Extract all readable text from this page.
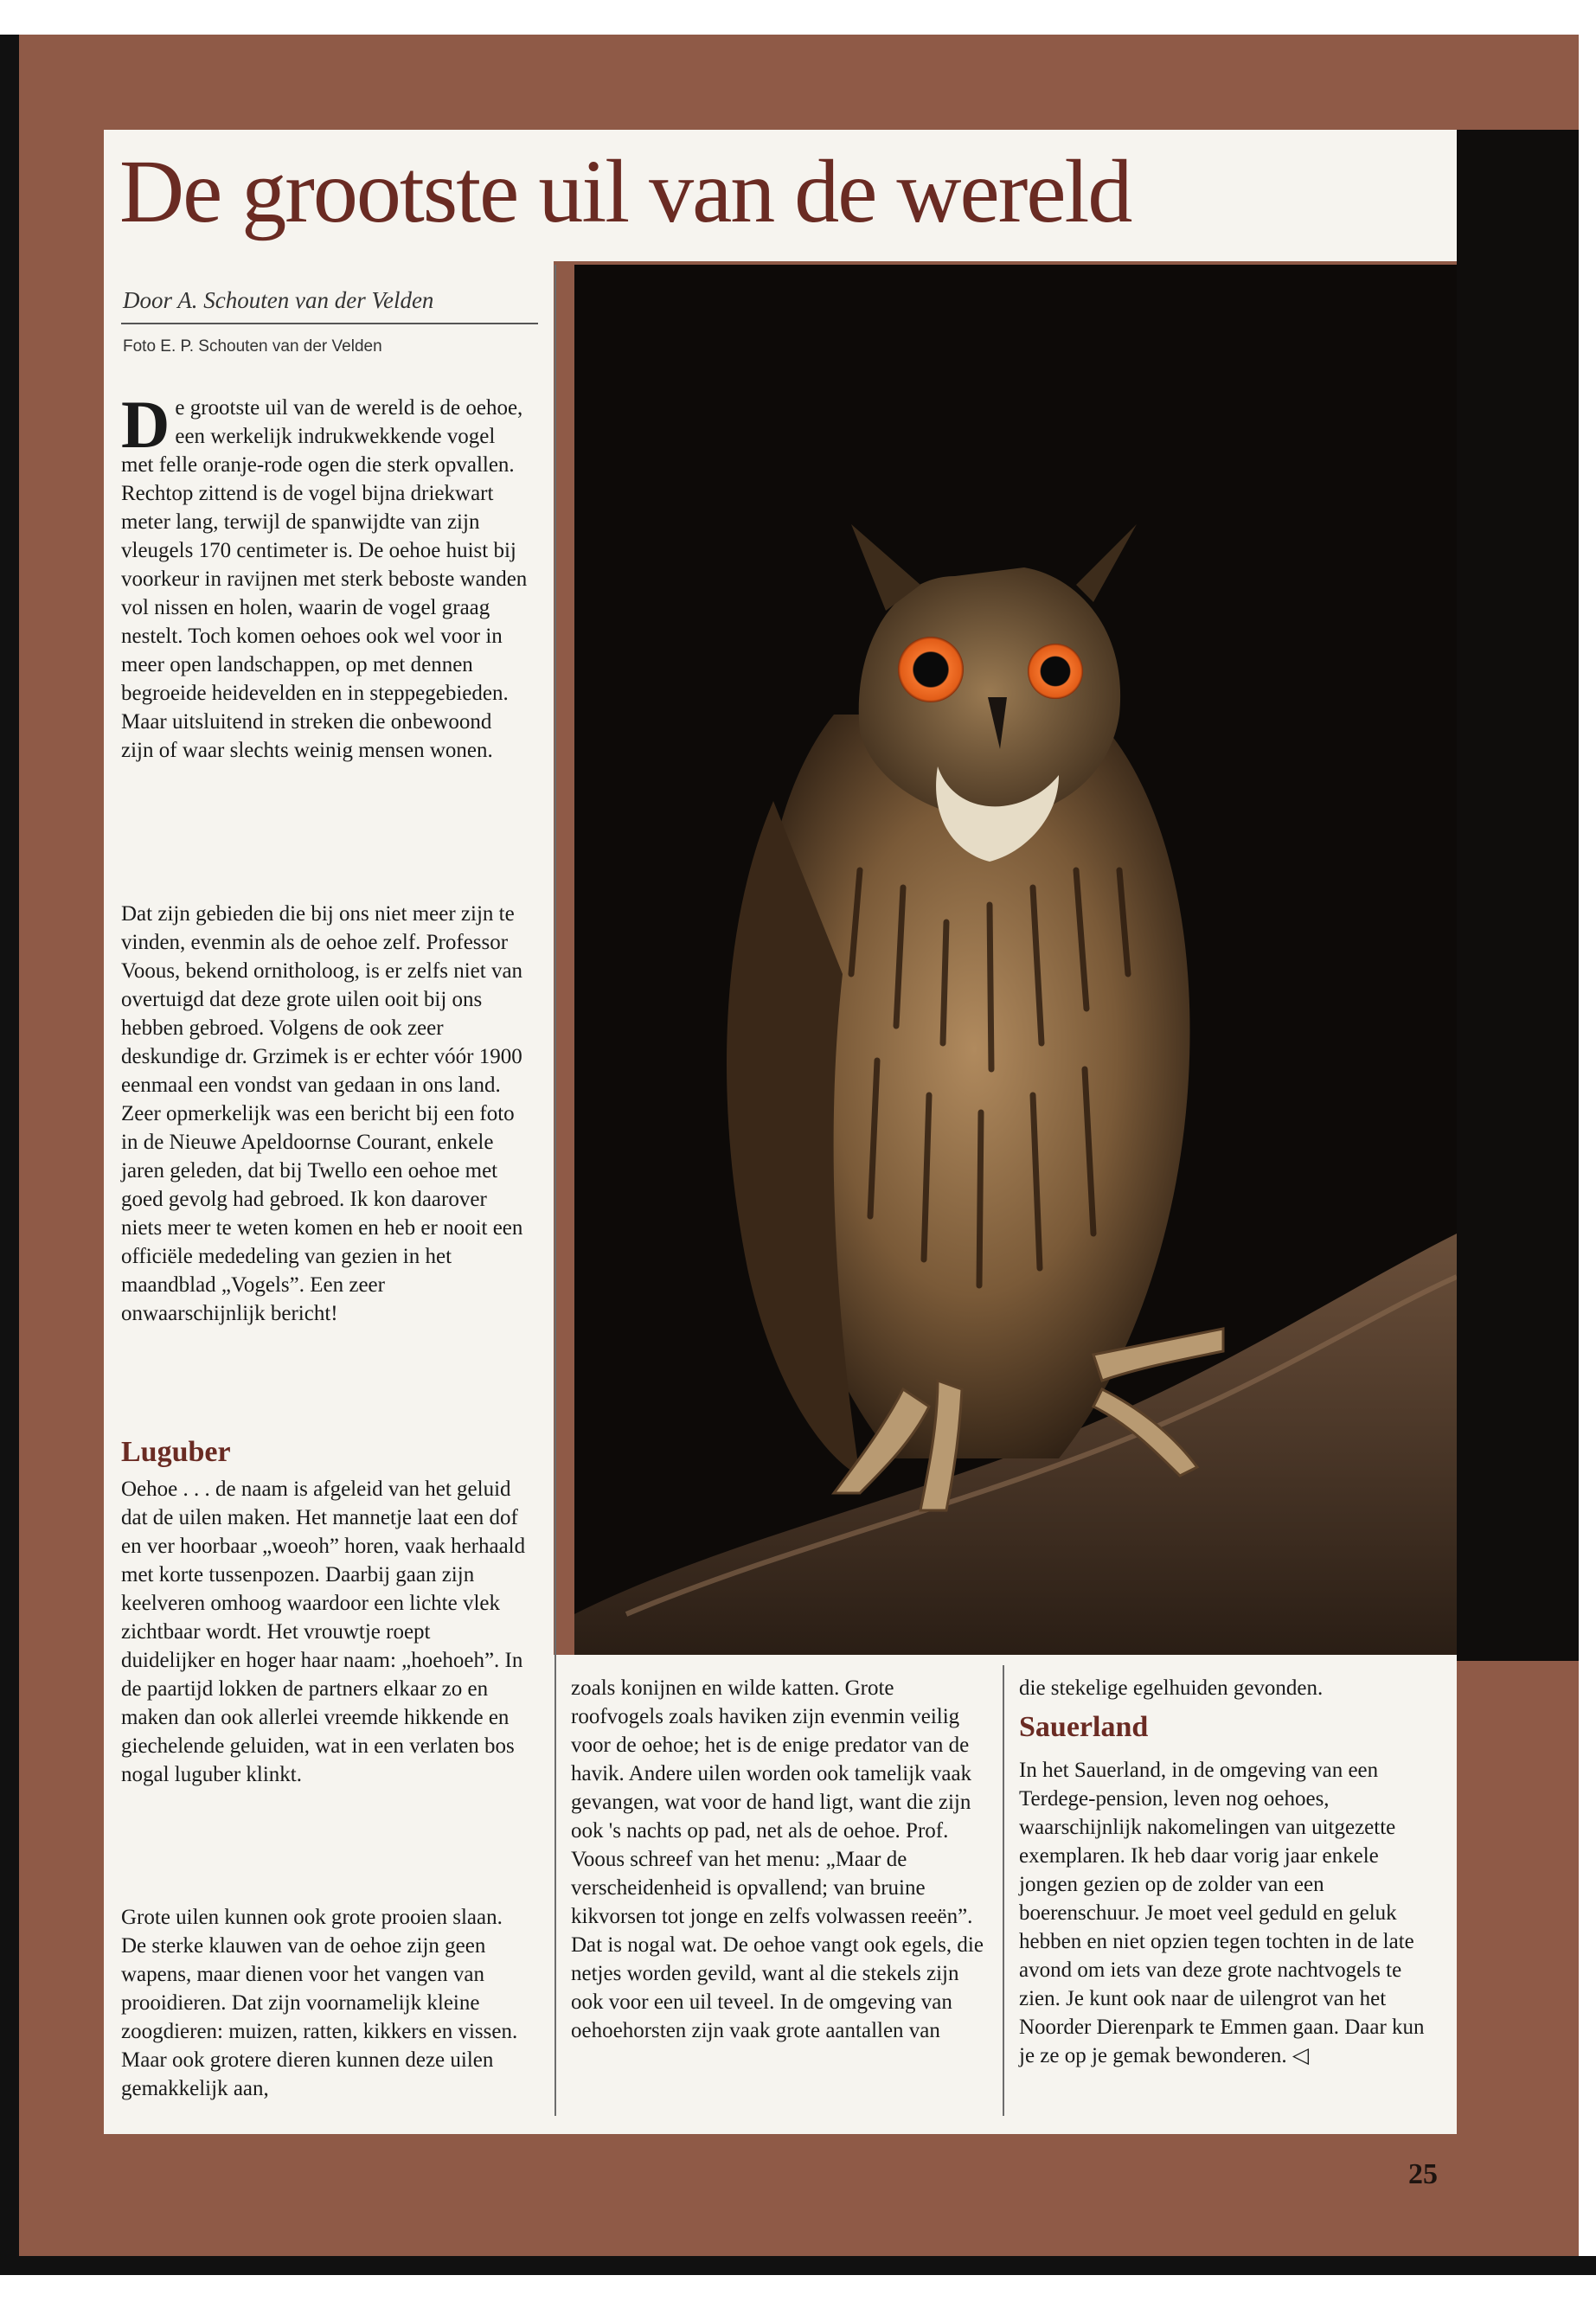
De grootste uil van de wereld
Door A. Schouten van der Velden
Foto E. P. Schouten van der Velden

De grootste uil van de wereld is de oehoe, een werkelijk indrukwekkende vogel met felle oranje-rode ogen die sterk opvallen. Rechtop zittend is de vogel bijna driekwart meter lang, terwijl de spanwijdte van zijn vleugels 170 centimeter is. De oehoe huist bij voorkeur in ravijnen met sterk beboste wanden vol nissen en holen, waarin de vogel graag nestelt. Toch komen oehoes ook wel voor in meer open landschappen, op met dennen begroeide heidevelden en in steppegebieden. Maar uitsluitend in streken die onbewoond zijn of waar slechts weinig mensen wonen.

Dat zijn gebieden die bij ons niet meer zijn te vinden, evenmin als de oehoe zelf. Professor Voous, bekend ornitholoog, is er zelfs niet van overtuigd dat deze grote uilen ooit bij ons hebben gebroed. Volgens de ook zeer deskundige dr. Grzimek is er echter vóór 1900 eenmaal een vondst van gedaan in ons land. Zeer opmerkelijk was een bericht bij een foto in de Nieuwe Apeldoornse Courant, enkele jaren geleden, dat bij Twello een oehoe met goed gevolg had gebroed. Ik kon daarover niets meer te weten komen en heb er nooit een officiële mededeling van gezien in het maandblad „Vogels”. Een zeer onwaarschijnlijk bericht!

Luguber

Oehoe . . . de naam is afgeleid van het geluid dat de uilen maken. Het mannetje laat een dof en ver hoorbaar „woeoh” horen, vaak herhaald met korte tussenpozen. Daarbij gaan zijn keelveren omhoog waardoor een lichte vlek zichtbaar wordt. Het vrouwtje roept duidelijker en hoger haar naam: „hoehoeh”. In de paartijd lokken de partners elkaar zo en maken dan ook allerlei vreemde hikkende en giechelende geluiden, wat in een verlaten bos nogal luguber klinkt.

Grote uilen kunnen ook grote prooien slaan. De sterke klauwen van de oehoe zijn geen wapens, maar dienen voor het vangen van prooidieren. Dat zijn voornamelijk kleine zoogdieren: muizen, ratten, kikkers en vissen. Maar ook grotere dieren kunnen deze uilen gemakkelijk aan,

zoals konijnen en wilde katten. Grote roofvogels zoals haviken zijn evenmin veilig voor de oehoe; het is de enige predator van de havik. Andere uilen worden ook tamelijk vaak gevangen, wat voor de hand ligt, want die zijn ook 's nachts op pad, net als de oehoe. Prof. Voous schreef van het menu: „Maar de verscheidenheid is opvallend; van bruine kikvorsen tot jonge en zelfs volwassen reeën”. Dat is nogal wat. De oehoe vangt ook egels, die netjes worden gevild, want al die stekels zijn ook voor een uil teveel. In de omgeving van oehoehorsten zijn vaak grote aantallen van

die stekelige egelhuiden gevonden.

Sauerland

In het Sauerland, in de omgeving van een Terdege-pension, leven nog oehoes, waarschijnlijk nakomelingen van uitgezette exemplaren. Ik heb daar vorig jaar enkele jongen gezien op de zolder van een boerenschuur. Je moet veel geduld en geluk hebben en niet opzien tegen tochten in de late avond om iets van deze grote nachtvogels te zien. Je kunt ook naar de uilengrot van het Noorder Dierenpark te Emmen gaan. Daar kun je ze op je gemak bewonderen. ◁

25
